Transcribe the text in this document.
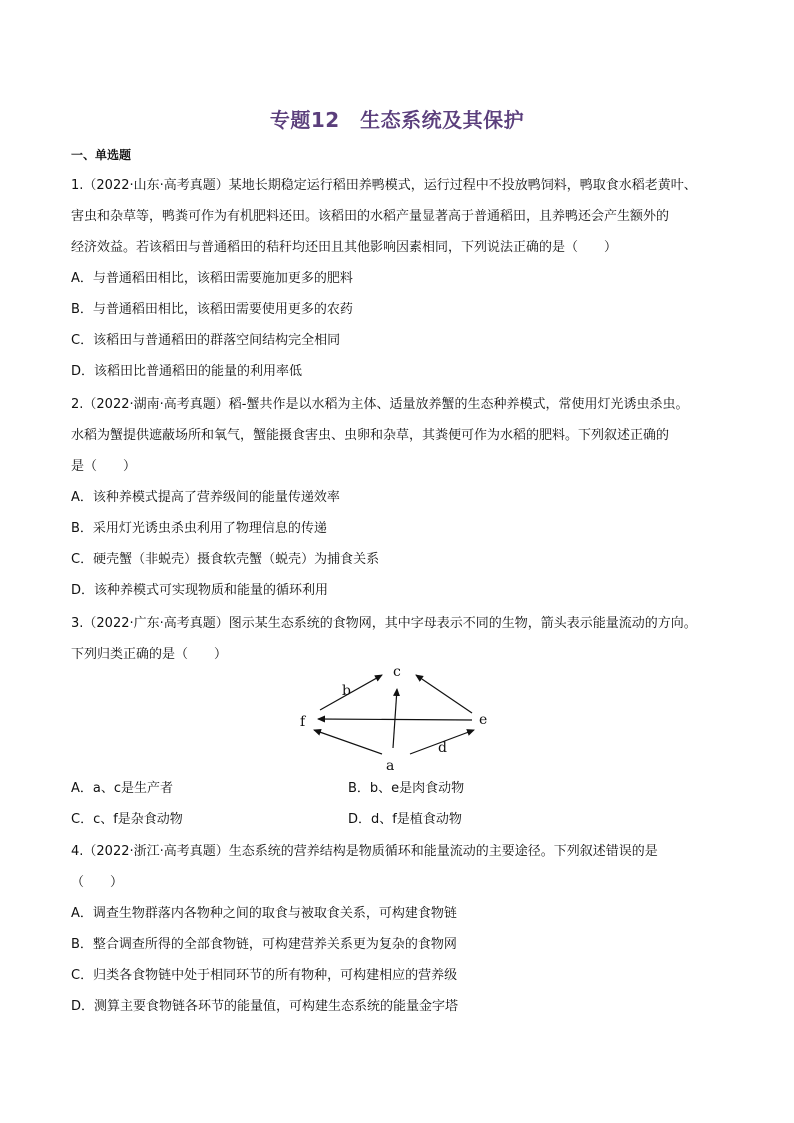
专题12　生态系统及其保护
一、单选题
1.（2022·山东·高考真题）某地长期稳定运行稻田养鸭模式，运行过程中不投放鸭饲料，鸭取食水稻老黄叶、
害虫和杂草等，鸭粪可作为有机肥料还田。该稻田的水稻产量显著高于普通稻田，且养鸭还会产生额外的
经济效益。若该稻田与普通稻田的秸秆均还田且其他影响因素相同，下列说法正确的是（　　）
A．与普通稻田相比，该稻田需要施加更多的肥料
B．与普通稻田相比，该稻田需要使用更多的农药
C．该稻田与普通稻田的群落空间结构完全相同
D．该稻田比普通稻田的能量的利用率低
2.（2022·湖南·高考真题）稻-蟹共作是以水稻为主体、适量放养蟹的生态种养模式，常使用灯光诱虫杀虫。
水稻为蟹提供遮蔽场所和氧气，蟹能摄食害虫、虫卵和杂草，其粪便可作为水稻的肥料。下列叙述正确的
是（　　）
A．该种养模式提高了营养级间的能量传递效率
B．采用灯光诱虫杀虫利用了物理信息的传递
C．硬壳蟹（非蜕壳）摄食软壳蟹（蜕壳）为捕食关系
D．该种养模式可实现物质和能量的循环利用
3.（2022·广东·高考真题）图示某生态系统的食物网，其中字母表示不同的生物，箭头表示能量流动的方向。
下列归类正确的是（　　）
c
b
f	e
d
a
A．a、c是生产者	B．b、e是肉食动物
C．c、f是杂食动物	D．d、f是植食动物
4.（2022·浙江·高考真题）生态系统的营养结构是物质循环和能量流动的主要途径。下列叙述错误的是
（　　）
A．调查生物群落内各物种之间的取食与被取食关系，可构建食物链
B．整合调查所得的全部食物链，可构建营养关系更为复杂的食物网
C．归类各食物链中处于相同环节的所有物种，可构建相应的营养级
D．测算主要食物链各环节的能量值，可构建生态系统的能量金字塔
